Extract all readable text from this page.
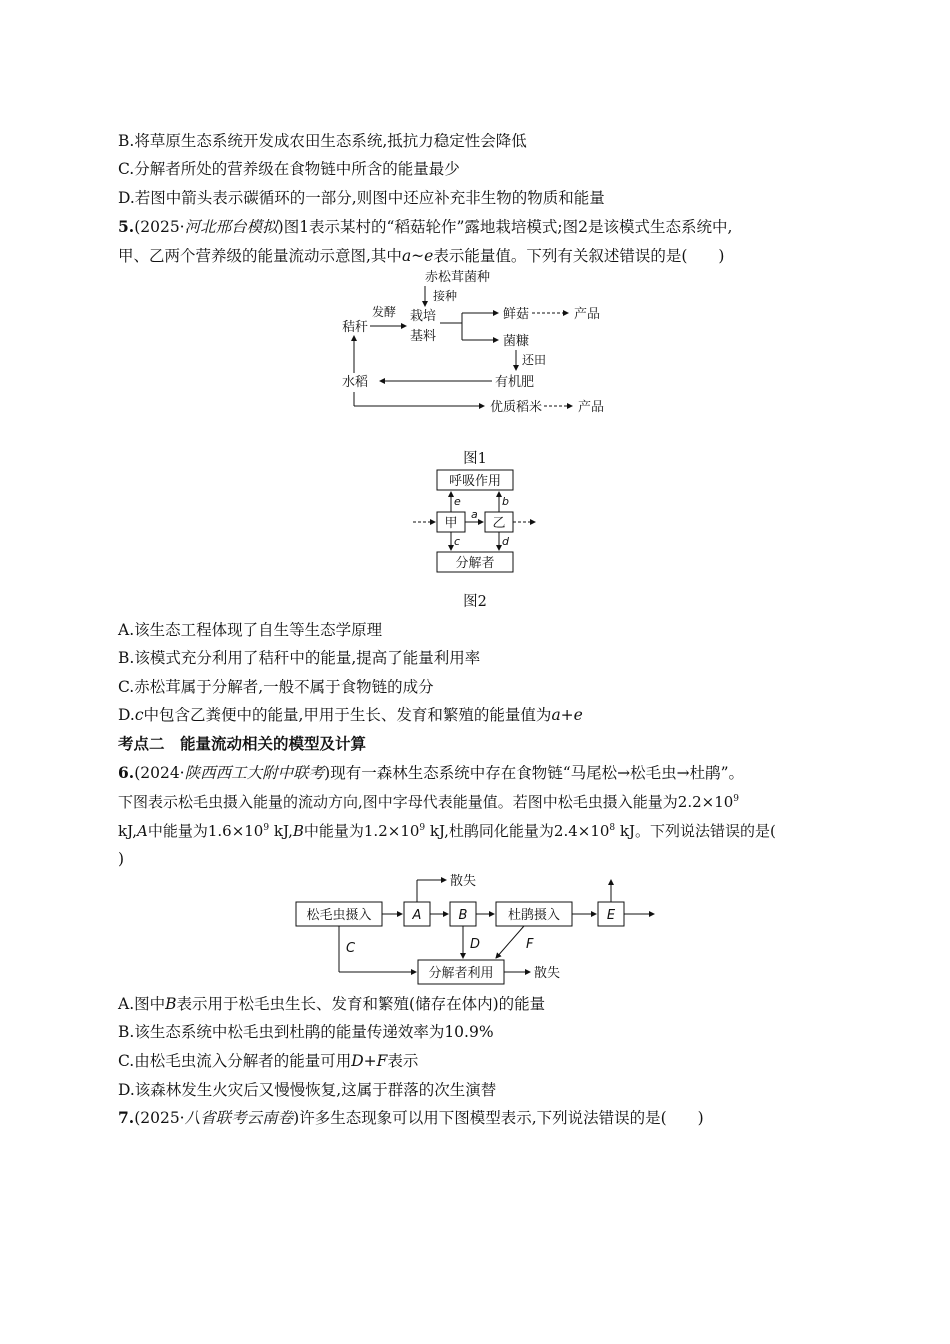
B.将草原生态系统开发成农田生态系统,抵抗力稳定性会降低
C.分解者所处的营养级在食物链中所含的能量最少
D.若图中箭头表示碳循环的一部分,则图中还应补充非生物的物质和能量
5.(2025·河北邢台模拟)图1表示某村的“稻菇轮作”露地栽培模式;图2是该模式生态系统中,
甲、乙两个营养级的能量流动示意图,其中a~e表示能量值。下列有关叙述错误的是(　　)
赤松茸菌种
接种
秸秆
发酵 栽培
基料
鲜菇	产品
菌糠
还田
有机肥
水稻
优质稻米	产品
图1
呼吸作用
甲	乙
分解者
a
e	b
c	d
图2
A.该生态工程体现了自生等生态学原理
B.该模式充分利用了秸秆中的能量,提高了能量利用率
C.赤松茸属于分解者,一般不属于食物链的成分
D.c中包含乙粪便中的能量,甲用于生长、发育和繁殖的能量值为a+e
考点二　能量流动相关的模型及计算
6.(2024·陕西西工大附中联考)现有一森林生态系统中存在食物链“马尾松→松毛虫→杜鹃”。
下图表示松毛虫摄入能量的流动方向,图中字母代表能量值。若图中松毛虫摄入能量为$2.2\times 10^9$
kJ,A中能量为$1.6\times 10^9$ kJ,B中能量为$1.2\times 10^9$ kJ,杜鹃同化能量为$2.4\times 10^8$ kJ。下列说法错误的是(
)
松毛虫摄入	A
散失
B	杜鹃摄入	E
分解者利用	散失
C	D	F
A.图中B表示用于松毛虫生长、发育和繁殖(储存在体内)的能量
B.该生态系统中松毛虫到杜鹃的能量传递效率为10.9%
C.由松毛虫流入分解者的能量可用D+F表示
D.该森林发生火灾后又慢慢恢复,这属于群落的次生演替
7.(2025·八省联考云南卷)许多生态现象可以用下图模型表示,下列说法错误的是(　　)
